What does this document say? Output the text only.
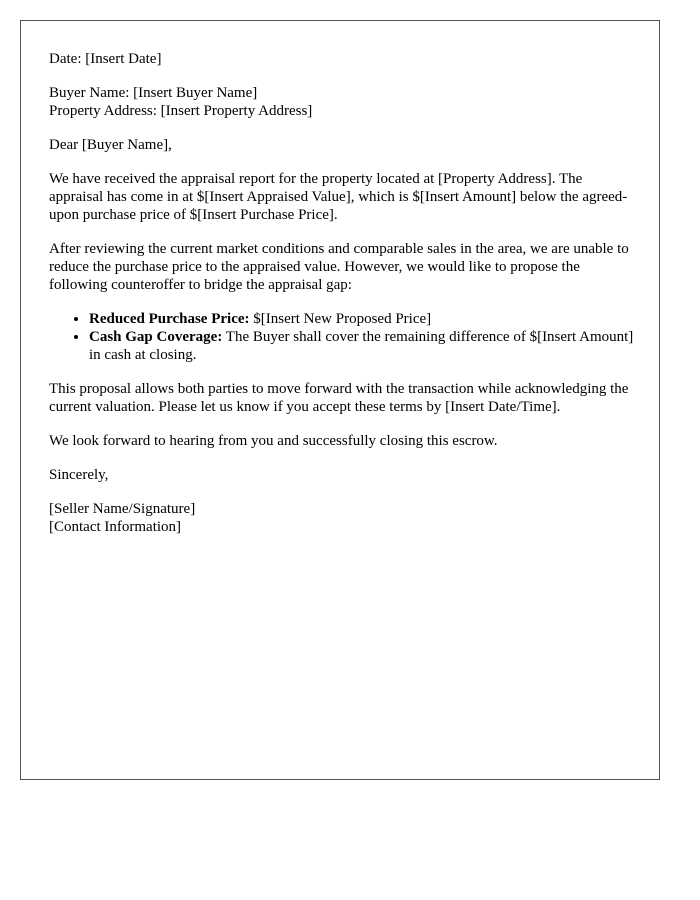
Date: [Insert Date]

Buyer Name: [Insert Buyer Name]

Property Address: [Insert Property Address]

Dear [Buyer Name],

We have received the appraisal report for the property located at [Property Address]. The appraisal has come in at $[Insert Appraised Value], which is $[Insert Amount] below the agreed-upon purchase price of $[Insert Purchase Price].

After reviewing the current market conditions and comparable sales in the area, we are unable to reduce the purchase price to the appraised value. However, we would like to propose the following counteroffer to bridge the appraisal gap:

• Reduced Purchase Price: $[Insert New Proposed Price]
• Cash Gap Coverage: The Buyer shall cover the remaining difference of $[Insert Amount] in cash at closing.

This proposal allows both parties to move forward with the transaction while acknowledging the current valuation. Please let us know if you accept these terms by [Insert Date/Time].

We look forward to hearing from you and successfully closing this escrow.

Sincerely,

[Seller Name/Signature]

[Contact Information]
